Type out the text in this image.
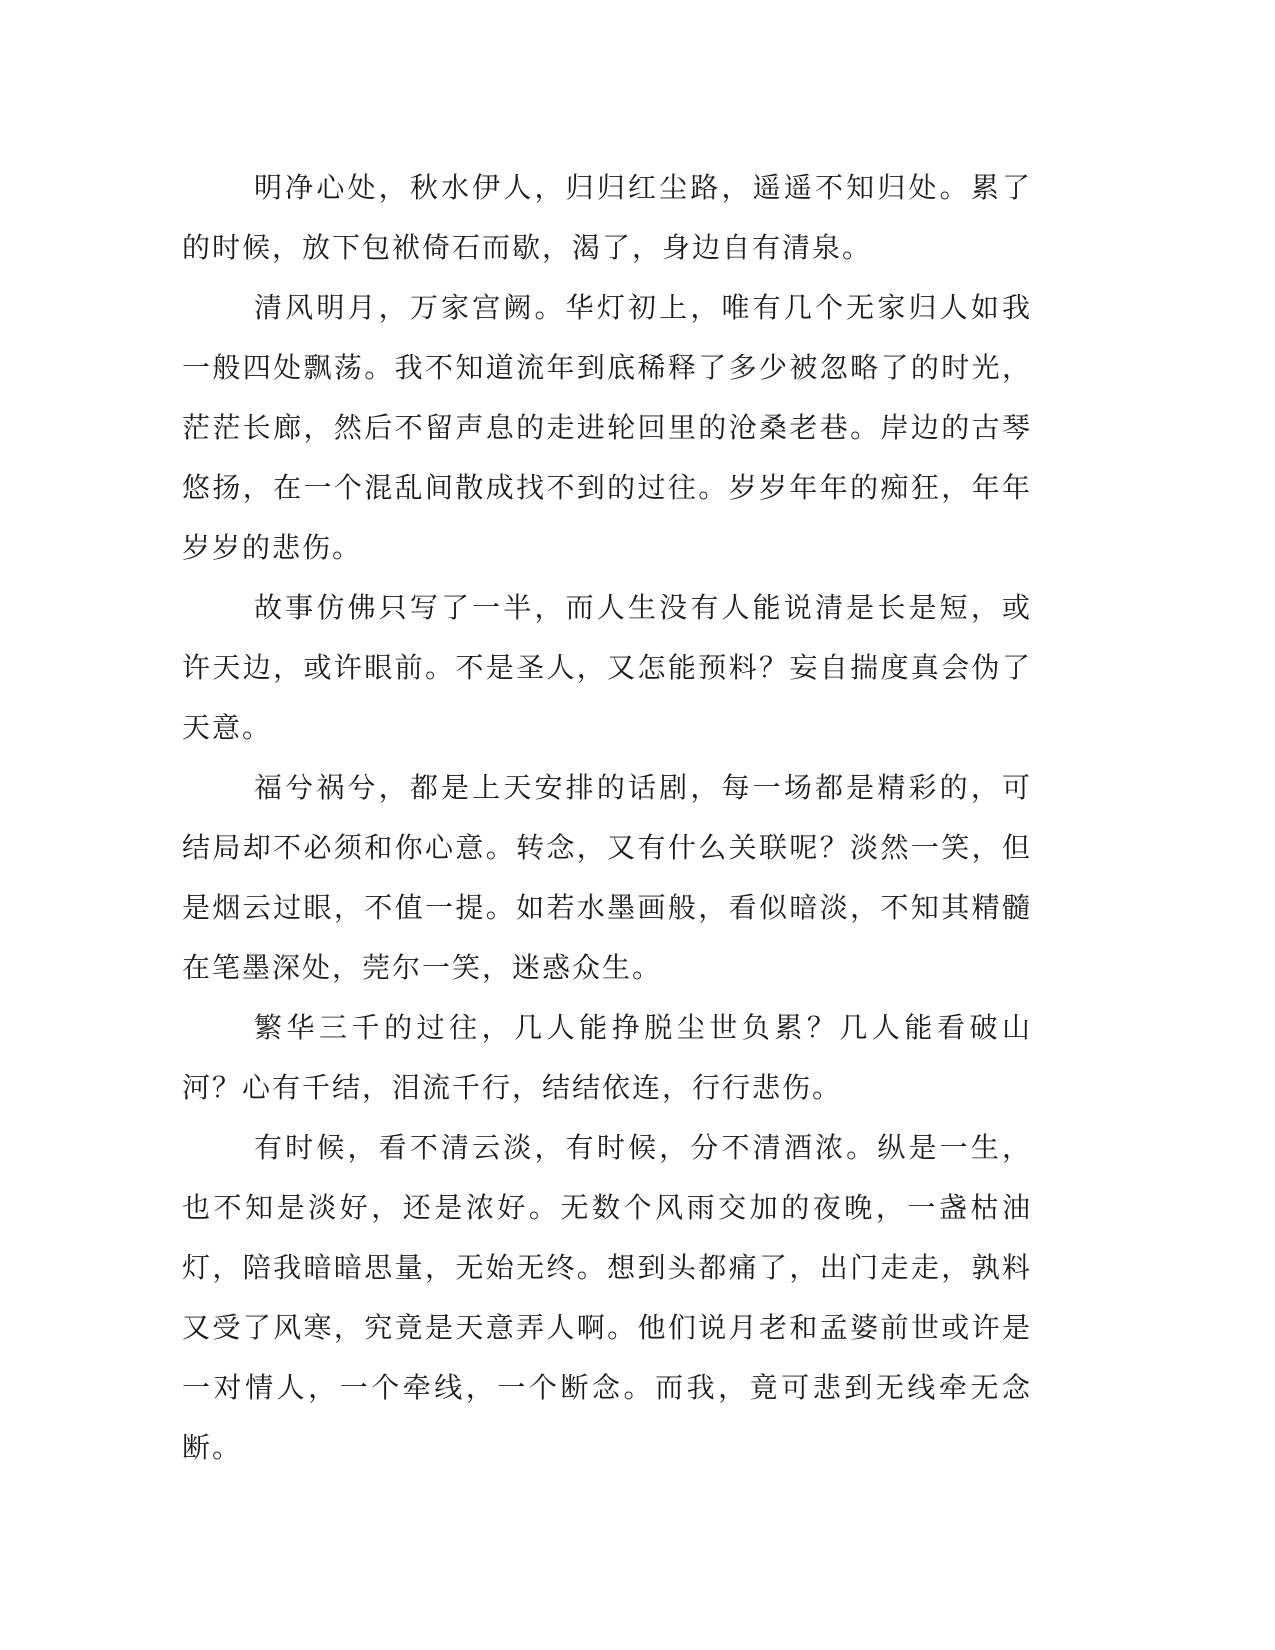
明净心处，秋水伊人，归归红尘路，遥遥不知归处。累了的时候，放下包袱倚石而歇，渴了，身边自有清泉。

清风明月，万家宫阙。华灯初上，唯有几个无家归人如我一般四处飘荡。我不知道流年到底稀释了多少被忽略了的时光，茫茫长廊，然后不留声息的走进轮回里的沧桑老巷。岸边的古琴悠扬，在一个混乱间散成找不到的过往。岁岁年年的痴狂，年年岁岁的悲伤。

故事仿佛只写了一半，而人生没有人能说清是长是短，或许天边，或许眼前。不是圣人，又怎能预料？妄自揣度真会伪了天意。

福兮祸兮，都是上天安排的话剧，每一场都是精彩的，可结局却不必须和你心意。转念，又有什么关联呢？淡然一笑，但是烟云过眼，不值一提。如若水墨画般，看似暗淡，不知其精髓在笔墨深处，莞尔一笑，迷惑众生。

繁华三千的过往，几人能挣脱尘世负累？几人能看破山河？心有千结，泪流千行，结结依连，行行悲伤。

有时候，看不清云淡，有时候，分不清酒浓。纵是一生，也不知是淡好，还是浓好。无数个风雨交加的夜晚，一盏枯油灯，陪我暗暗思量，无始无终。想到头都痛了，出门走走，孰料又受了风寒，究竟是天意弄人啊。他们说月老和孟婆前世或许是一对情人，一个牵线，一个断念。而我，竟可悲到无线牵无念断。
